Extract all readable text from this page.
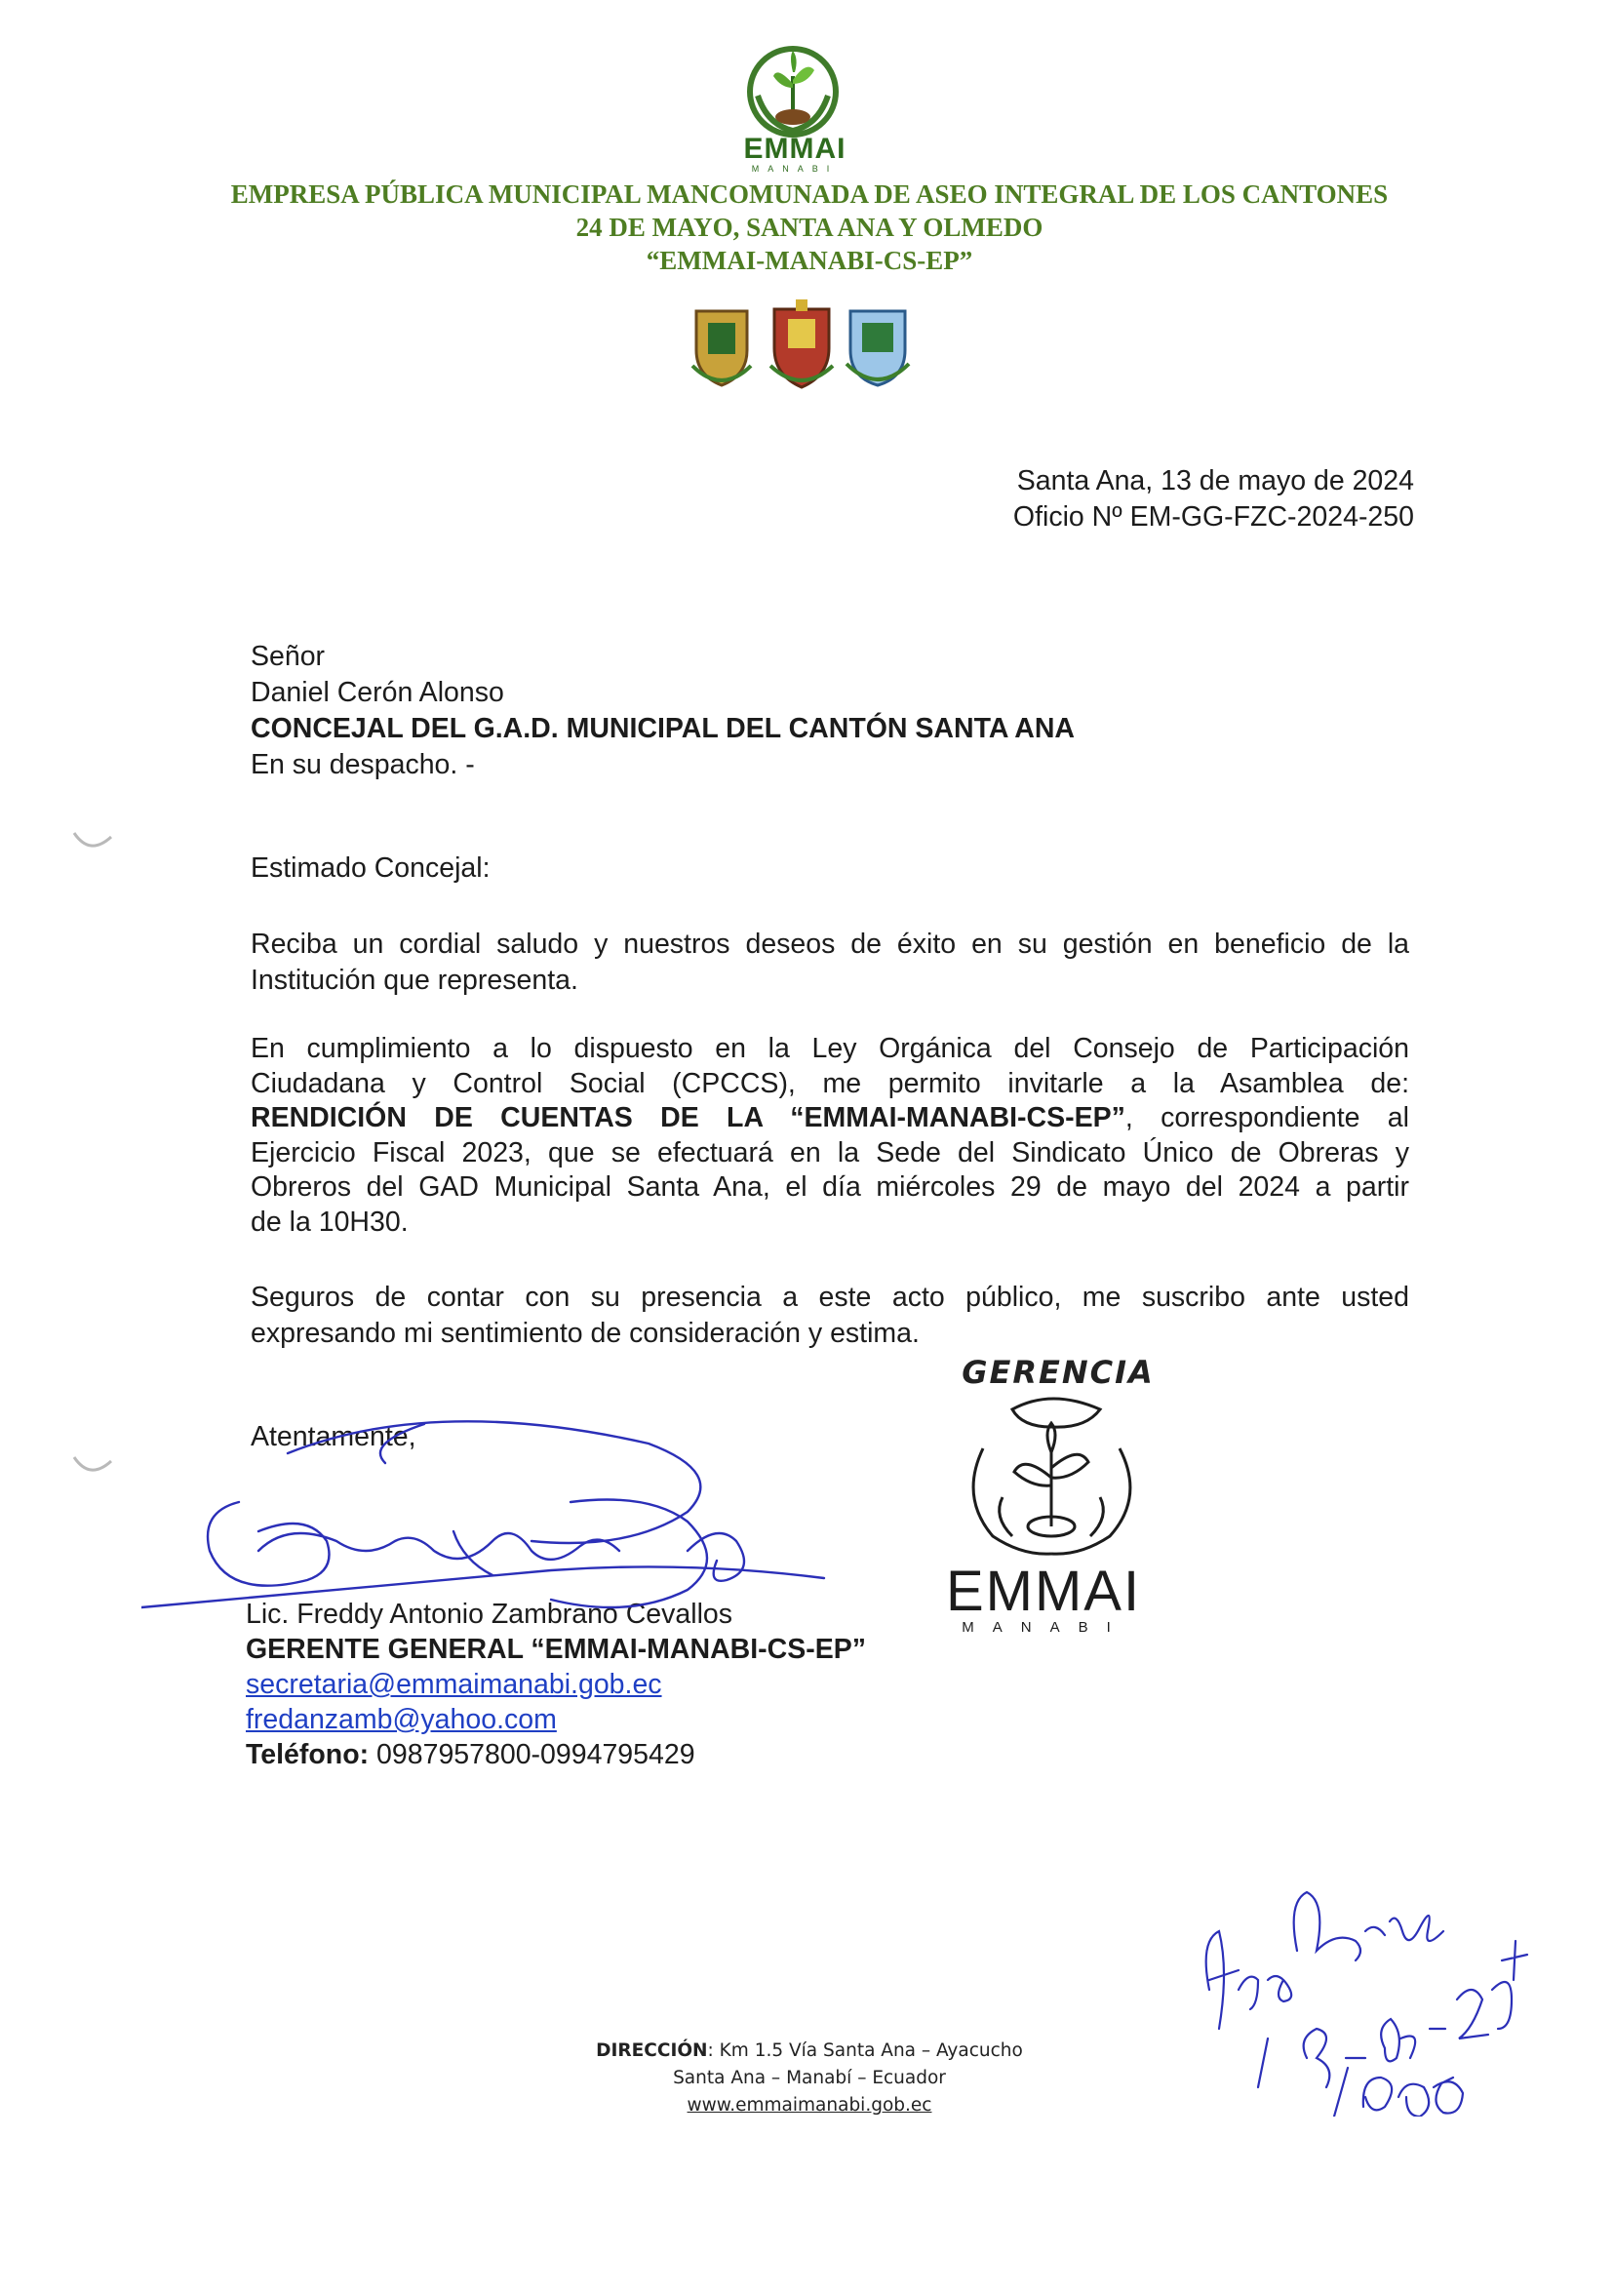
EMMAI
MANABI
EMPRESA PÚBLICA MUNICIPAL MANCOMUNADA DE ASEO INTEGRAL DE LOS CANTONES
24 DE MAYO, SANTA ANA Y OLMEDO
“EMMAI-MANABI-CS-EP”
Santa Ana, 13 de mayo de 2024
Oficio Nº EM-GG-FZC-2024-250
Señor
Daniel Cerón Alonso
CONCEJAL DEL G.A.D. MUNICIPAL DEL CANTÓN SANTA ANA
En su despacho. -
Estimado Concejal:
Reciba un cordial saludo y nuestros deseos de éxito en su gestión en beneficio de la
Institución que representa.
En cumplimiento a lo dispuesto en la Ley Orgánica del Consejo de Participación
Ciudadana y Control Social (CPCCS), me permito invitarle a la Asamblea de:
RENDICIÓN DE CUENTAS DE LA “EMMAI-MANABI-CS-EP”, correspondiente al
Ejercicio Fiscal 2023, que se efectuará en la Sede del Sindicato Único de Obreras y
Obreros del GAD Municipal Santa Ana, el día miércoles 29 de mayo del 2024 a partir
de la 10H30.
Seguros de contar con su presencia a este acto público, me suscribo ante usted
expresando mi sentimiento de consideración y estima.
Atentamente,
Lic. Freddy Antonio Zambrano Cevallos
GERENTE GENERAL “EMMAI-MANABI-CS-EP”
secretaria@emmaimanabi.gob.ec
fredanzamb@yahoo.com
Teléfono: 0987957800-0994795429
GERENCIA
EMMAI
MANABI
DIRECCIÓN: Km 1.5 Vía Santa Ana – Ayacucho
Santa Ana – Manabí – Ecuador
www.emmaimanabi.gob.ec
